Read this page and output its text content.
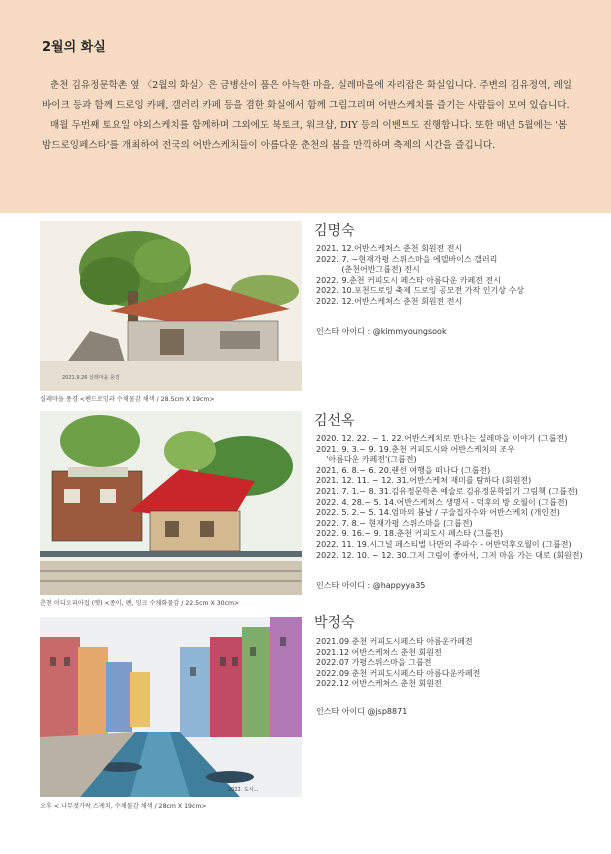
2월의 화실

춘천 김유정문학촌 옆 〈2월의 화실〉은 금병산이 품은 아늑한 마을, 실레마을에 자리잡은 화실입니다. 주변의 김유정역, 레일 바이크 등과 함께 드로잉 카페, 갤러리 카페 등을 겸한 화실에서 함께 그림그리며 어반스케치를 즐기는 사람들이 모여 있습니다.

매월 두번째 토요일 야외스케치를 함께하며 그외에도 북토크, 워크샵, DIY 등의 이벤트도 진행합니다. 또한 매년 5월에는 '봄 밤드로잉페스타'를 개최하여 전국의 어반스케처들이 아름다운 춘천의 봄을 만끽하며 축제의 시간을 즐깁니다.

2021.9.26 실레마을 풍경
실레마을 풍경 <펜드로잉과 수채물감 채색 / 28.5cm X 19cm>
김명숙
2021. 12.어반스케쳐스 춘천 회원전 전시
2022. 7. ~현재가평 스위스마을 에델바이스 갤러리
(춘천어반그룹전) 전시
2022. 9.춘천 커피도시 페스타 아름다운 카페전 전시
2022. 10.포천드로잉 축제 드로잉 공모전 가작 인기상 수상
2022. 12.어반스케쳐스 춘천 회원전 전시
인스타 아이디 : @kimmyoungsook
춘천 이디오피아집 (옛) <종이, 펜, 잉크 수채화물감 / 22.5cm X 30cm>
김선옥
2020. 12. 22. ~ 1. 22.어반스케치로 만나는 실레마을 이야기 (그룹전)
2021. 9. 3.~ 9. 19.춘천 커피도시와 어반스케치의 조우
'아름다운 카페전'(그룹전)
2021. 6. 8.~ 6. 20.랜선 여행을 떠나다 (그룹전)
2021. 12. 11. ~ 12. 31.어반스케쳐 재미를 탐하다 (회원전)
2021. 7. 1.~ 8. 31.김유정문학촌 예술로 김유정문학읽기 그림책 (그룹전)
2022. 4. 28.~ 5. 14.어반스케쳐스 생명서 - 덕후의 방 오월이 (그룹전)
2022. 5. 2.~ 5. 14.엄마의 봄날 / 구술집자수와 어반스케치 (개인전)
2022. 7. 8.~ 현재가평 스위스마을 (그룹전)
2022. 9. 16.~ 9. 18.춘천 커피도시 페스타 (그룹전)
2022. 11. 19.시그널 페스티벌 나만의 주파수 - 어반덕후오월이 (그룹전)
2022. 12. 10. ~ 12. 30.그저 그림이 좋아서, 그저 마음 가는 대로 (회원전)
인스타 아이디 : @happyya35
2022. 도시...
오후 < 나무젓가락 스케치, 수채물감 채색 / 28cm X 19cm>
박정숙
2021.09 춘천 커피도시페스타 아름운카페전
2021.12 어반스케쳐스 춘천 회원전
2022.07 가평스위스마을 그룹전
2022.09 춘천 커피도시페스타 아름다운카페전
2022.12 어반스케쳐스 춘천 회원전
인스타 아이디 @jsp8871
